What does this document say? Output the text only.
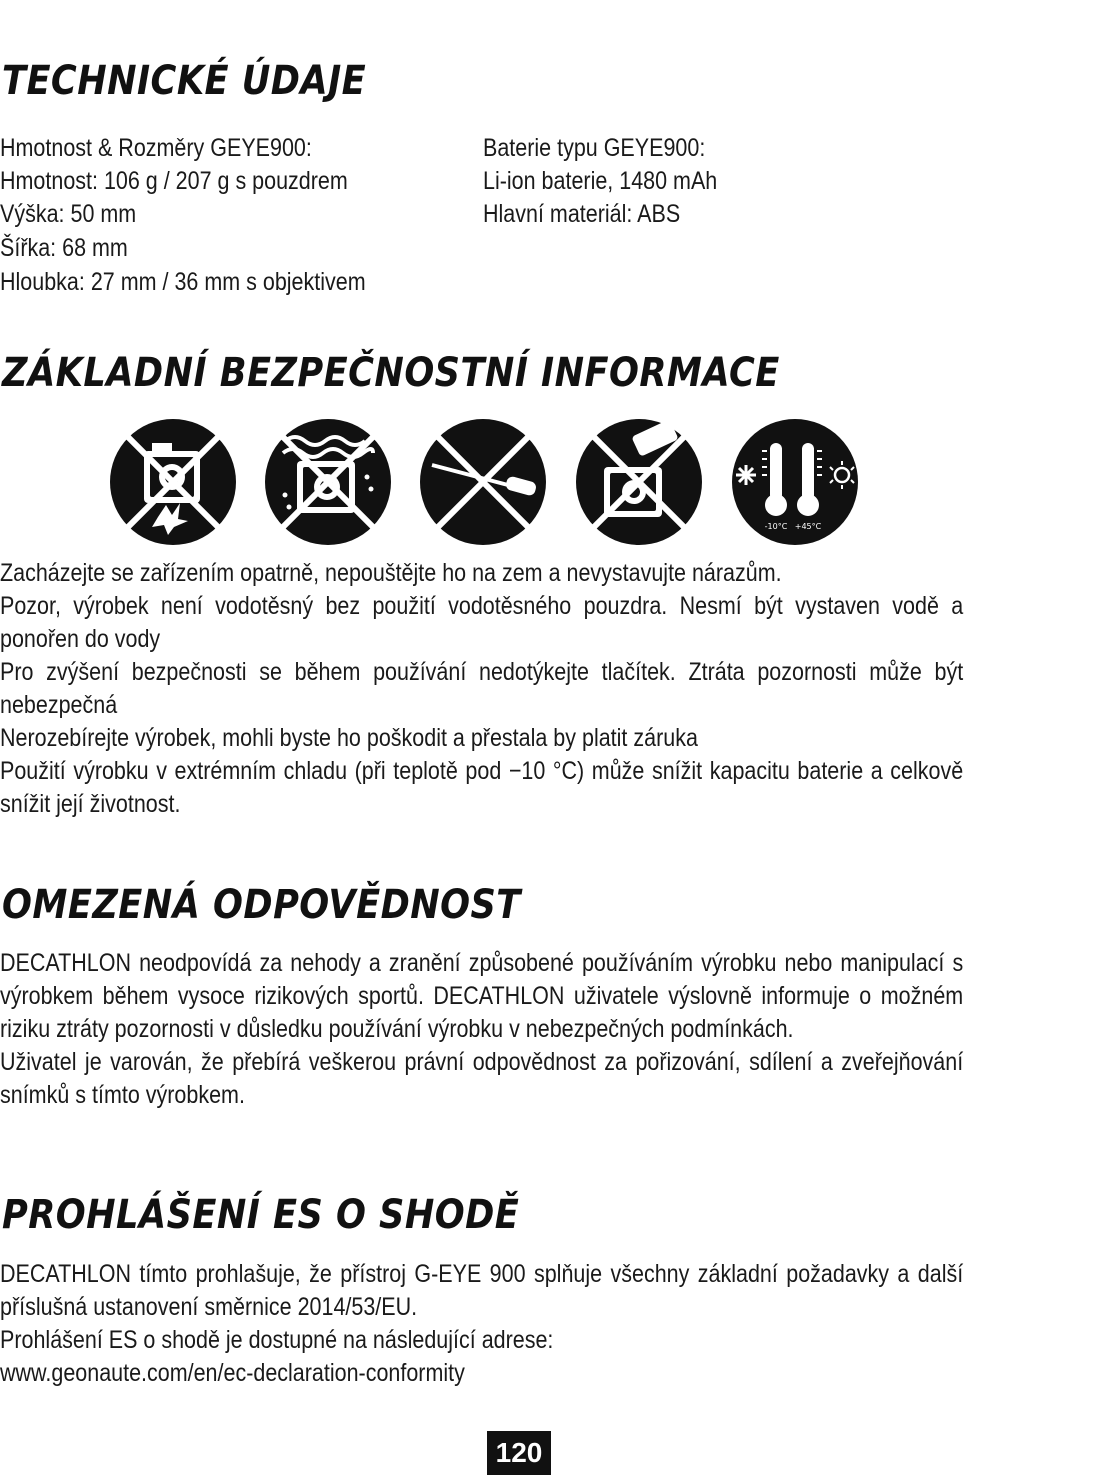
TECHNICKÉ ÚDAJE
Hmotnost & Rozměry GEYE900:
Hmotnost: 106 g / 207 g s pouzdrem
Výška: 50 mm
Šířka: 68 mm
Hloubka: 27 mm / 36 mm s objektivem
Baterie typu GEYE900:
Li-ion baterie, 1480 mAh
Hlavní materiál: ABS
ZÁKLADNÍ BEZPEČNOSTNÍ INFORMACE
-10°C +45°C

Zacházejte se zařízením opatrně, nepouštějte ho na zem a nevystavujte nárazům.

Pozor, výrobek není vodotěsný bez použití vodotěsného pouzdra. Nesmí být vystaven vodě a ponořen do vody

Pro zvýšení bezpečnosti se během používání nedotýkejte tlačítek. Ztráta pozornosti může být nebezpečná

Nerozebírejte výrobek, mohli byste ho poškodit a přestala by platit záruka

Použití výrobku v extrémním chladu (při teplotě pod −10 °C) může snížit kapacitu baterie a celkově snížit její životnost.

OMEZENÁ ODPOVĚDNOST

DECATHLON neodpovídá za nehody a zranění způsobené používáním výrobku nebo manipulací s výrobkem během vysoce rizikových sportů. DECATHLON uživatele výslovně informuje o možném riziku ztráty pozornosti v důsledku používání výrobku v nebezpečných podmínkách.

Uživatel je varován, že přebírá veškerou právní odpovědnost za pořizování, sdílení a zveřejňování snímků s tímto výrobkem.

PROHLÁŠENÍ ES O SHODĚ

DECATHLON tímto prohlašuje, že přístroj G-EYE 900 splňuje všechny základní požadavky a další příslušná ustanovení směrnice 2014/53/EU.

Prohlášení ES o shodě je dostupné na následující adrese:

www.geonaute.com/en/ec-declaration-conformity

120
